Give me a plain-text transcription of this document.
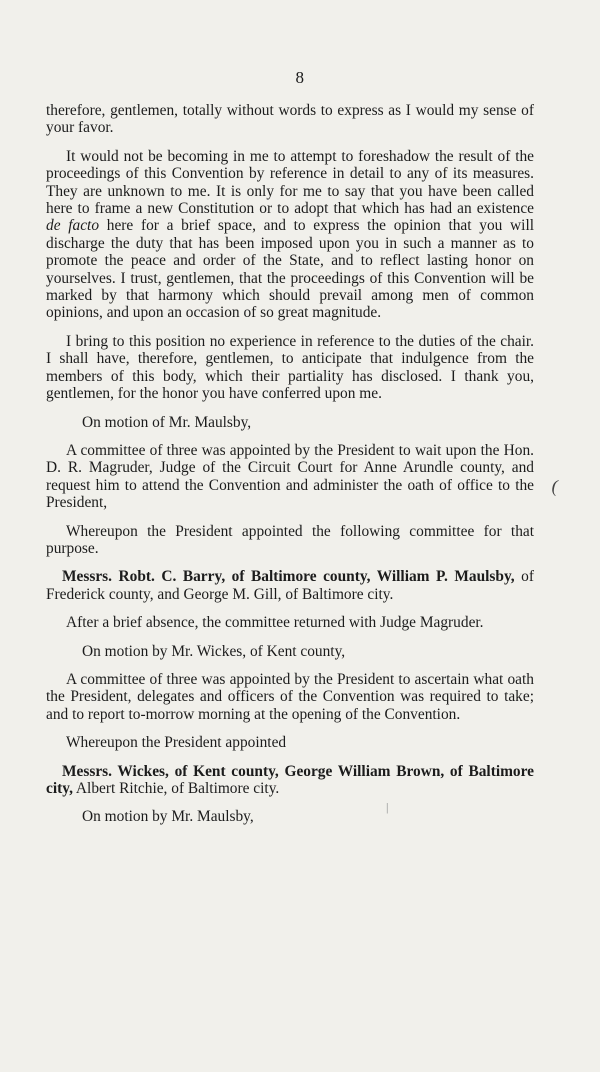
8

therefore, gentlemen, totally without words to express as I would my sense of your favor.

It would not be becoming in me to attempt to foreshadow the result of the proceedings of this Convention by reference in detail to any of its measures. They are unknown to me. It is only for me to say that you have been called here to frame a new Constitution or to adopt that which has had an existence de facto here for a brief space, and to express the opinion that you will discharge the duty that has been imposed upon you in such a manner as to promote the peace and order of the State, and to reflect lasting honor on yourselves. I trust, gentlemen, that the proceedings of this Convention will be marked by that harmony which should prevail among men of common opinions, and upon an occasion of so great magnitude.

I bring to this position no experience in reference to the duties of the chair. I shall have, therefore, gentlemen, to anticipate that indulgence from the members of this body, which their partiality has disclosed. I thank you, gentlemen, for the honor you have conferred upon me.

On motion of Mr. Maulsby,

A committee of three was appointed by the President to wait upon the Hon. D. R. Magruder, Judge of the Circuit Court for Anne Arundle county, and request him to attend the Convention and administer the oath of office to the President,

Whereupon the President appointed the following committee for that purpose.

Messrs. Robt. C. Barry, of Baltimore county, William P. Maulsby, of Frederick county, and George M. Gill, of Baltimore city.

After a brief absence, the committee returned with Judge Magruder.

On motion by Mr. Wickes, of Kent county,

A committee of three was appointed by the President to ascertain what oath the President, delegates and officers of the Convention was required to take; and to report to-morrow morning at the opening of the Convention.

Whereupon the President appointed

Messrs. Wickes, of Kent county, George William Brown, of Baltimore city, Albert Ritchie, of Baltimore city.

On motion by Mr. Maulsby,

(
|
